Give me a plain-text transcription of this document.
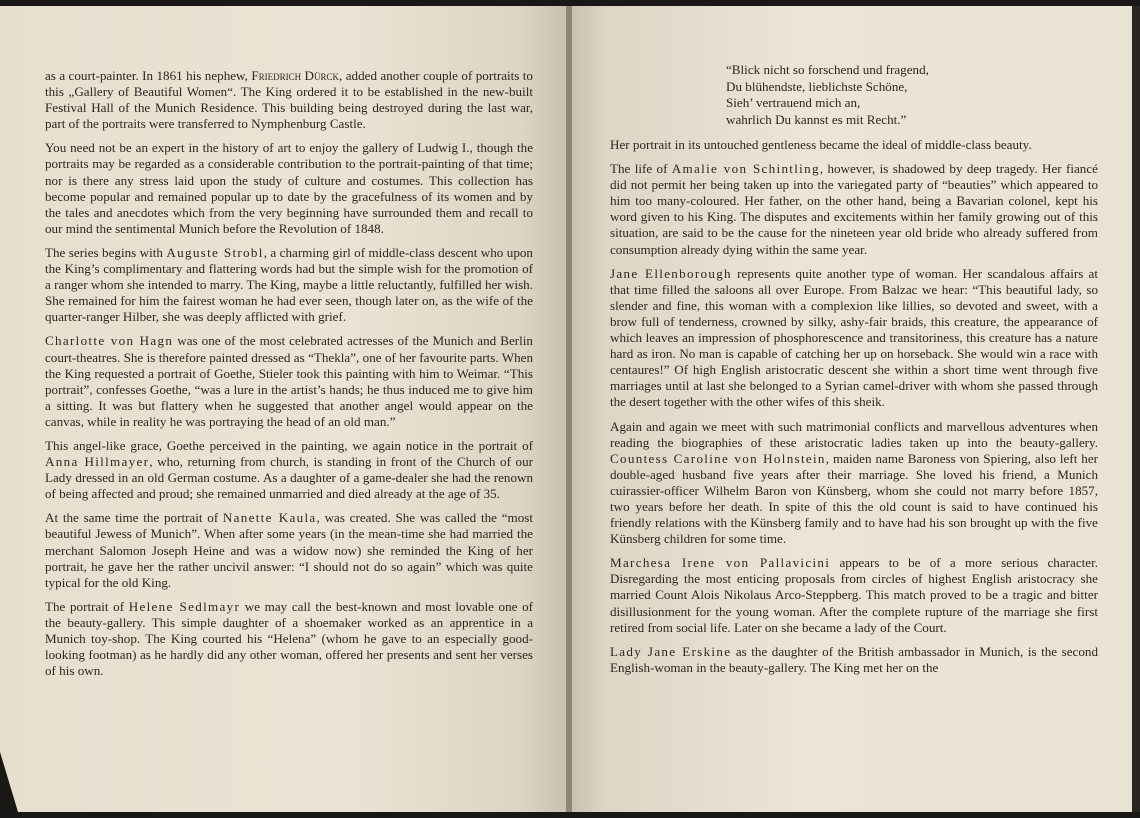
as a court-painter. In 1861 his nephew, Friedrich Dürck, added another couple of portraits to this „Gallery of Beautiful Women“. The King ordered it to be established in the new-built Festival Hall of the Munich Residence. This building being destroyed during the last war, part of the portraits were transferred to Nymphenburg Castle.

You need not be an expert in the history of art to enjoy the gallery of Ludwig I., though the portraits may be regarded as a considerable contribution to the portrait-painting of that time; nor is there any stress laid upon the study of culture and costumes. This collection has become popular and remained popular up to date by the gracefulness of its women and by the tales and anecdotes which from the very beginning have surrounded them and recall to our mind the sentimental Munich before the Revolution of 1848.

The series begins with Auguste Strobl, a charming girl of middle-class descent who upon the King’s complimentary and flattering words had but the simple wish for the promotion of a ranger whom she intended to marry. The King, maybe a little reluctantly, fulfilled her wish. She remained for him the fairest woman he had ever seen, though later on, as the wife of the quarter-ranger Hilber, she was deeply afflicted with grief.

Charlotte von Hagn was one of the most celebrated actresses of the Munich and Berlin court-theatres. She is therefore painted dressed as “Thekla”, one of her favourite parts. When the King requested a portrait of Goethe, Stieler took this painting with him to Weimar. “This portrait”, confesses Goethe, “was a lure in the artist’s hands; he thus induced me to give him a sitting. It was but flattery when he suggested that another angel would appear on the canvas, while in reality he was portraying the head of an old man.”

This angel-like grace, Goethe perceived in the painting, we again notice in the portrait of Anna Hillmayer, who, returning from church, is standing in front of the Church of our Lady dressed in an old German costume. As a daughter of a game-dealer she had the renown of being affected and proud; she remained unmarried and died already at the age of 35.

At the same time the portrait of Nanette Kaula, was created. She was called the “most beautiful Jewess of Munich”. When after some years (in the mean-time she had married the merchant Salomon Joseph Heine and was a widow now) she reminded the King of her portrait, he gave her the rather uncivil answer: “I should not do so again” which was quite typical for the old King.

The portrait of Helene Sedlmayr we may call the best-known and most lovable one of the beauty-gallery. This simple daughter of a shoemaker worked as an apprentice in a Munich toy-shop. The King courted his “Helena” (whom he gave to an especially good-looking footman) as he hardly did any other woman, offered her presents and sent her verses of his own.

“Blick nicht so forschend und fragend,
Du blühendste, lieblichste Schöne,
Sieh’ vertrauend mich an,
wahrlich Du kannst es mit Recht.”

Her portrait in its untouched gentleness became the ideal of middle-class beauty.

The life of Amalie von Schintling, however, is shadowed by deep tragedy. Her fiancé did not permit her being taken up into the variegated party of “beauties” which appeared to him too many-coloured. Her father, on the other hand, being a Bavarian colonel, kept his word given to his King. The disputes and excitements within her family growing out of this situation, are said to be the cause for the nineteen year old bride who already suffered from consumption already dying within the same year.

Jane Ellenborough represents quite another type of woman. Her scandalous affairs at that time filled the saloons all over Europe. From Balzac we hear: “This beautiful lady, so slender and fine, this woman with a complexion like lillies, so devoted and sweet, with a brow full of tenderness, crowned by silky, ashy-fair braids, this creature, the appearance of which leaves an impression of phosphorescence and transitoriness, this creature has a nature hard as iron. No man is capable of catching her up on horseback. She would win a race with centaures!” Of high English aristocratic descent she within a short time went through five marriages until at last she belonged to a Syrian camel-driver with whom she passed through the desert together with the other wifes of this sheik.

Again and again we meet with such matrimonial conflicts and marvellous adventures when reading the biographies of these aristocratic ladies taken up into the beauty-gallery. Countess Caroline von Holnstein, maiden name Baroness von Spiering, also left her double-aged husband five years after their marriage. She loved his friend, a Munich cuirassier-officer Wilhelm Baron von Künsberg, whom she could not marry before 1857, two years before her death. In spite of this the old count is said to have continued his friendly relations with the Künsberg family and to have had his son brought up with the five Künsberg children for some time.

Marchesa Irene von Pallavicini appears to be of a more serious character. Disregarding the most enticing proposals from circles of highest English aristocracy she married Count Alois Nikolaus Arco-Steppberg. This match proved to be a tragic and bitter disillusionment for the young woman. After the complete rupture of the marriage she first retired from social life. Later on she became a lady of the Court.

Lady Jane Erskine as the daughter of the British ambassador in Munich, is the second English-woman in the beauty-gallery. The King met her on the
